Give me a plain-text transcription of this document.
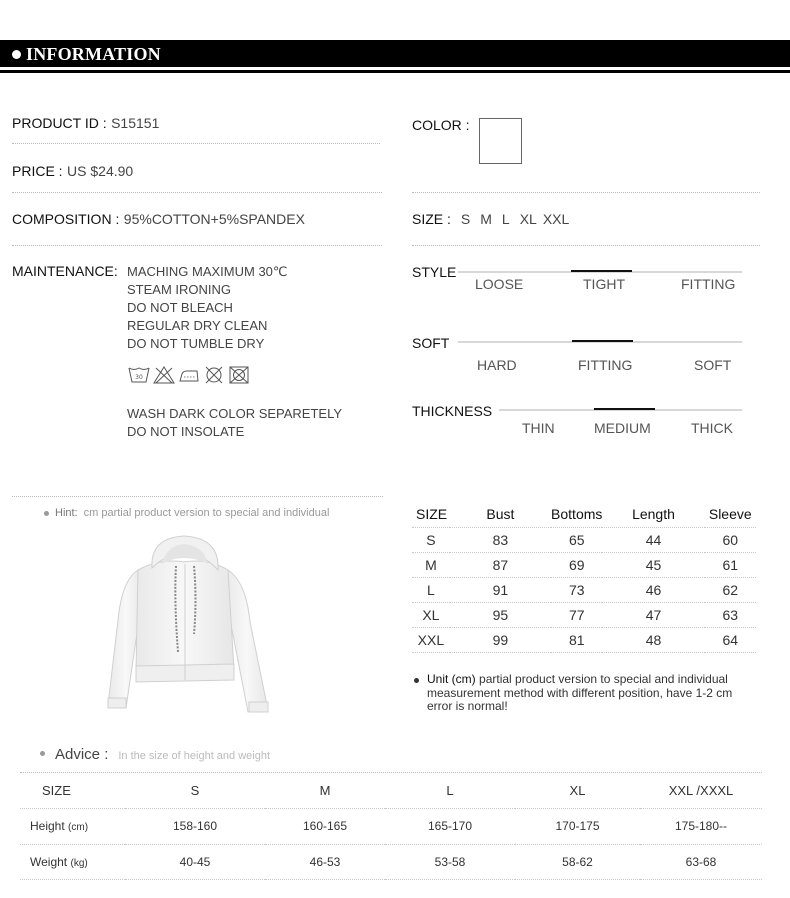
INFORMATION
PRODUCT ID : S15151
PRICE : US $24.90
COMPOSITION : 95%COTTON+5%SPANDEX
MAINTENANCE: MACHING MAXIMUM 30℃
STEAM IRONING
DO NOT BLEACH
REGULAR DRY CLEAN
DO NOT TUMBLE DRY
30
WASH DARK COLOR SEPARETELY
DO NOT INSOLATE
COLOR :
SIZE : S M L XL XXL
STYLE
LOOSE	TIGHT	FITTING
SOFT
HARD	FITTING	SOFT
THICKNESS
THIN	MEDIUM	THICK
Hint: cm partial product version to special and individual	SIZE	Bust	Bottoms	Length	Sleeve
S	83	65	44	60
M	87	69	45	61
L	91	73	46	62
XL	95	77	47	63
XXL	99	81	48	64
Unit (cm) partial product version to special and individual measurement method with different position, have 1-2 cm error is normal!
Advice : In the size of height and weight
SIZE	S	M	L	XL	XXL /XXXL
Height (cm)	158-160	160-165	165-170	170-175	175-180--
Weight (kg)	40-45	46-53	53-58	58-62	63-68
